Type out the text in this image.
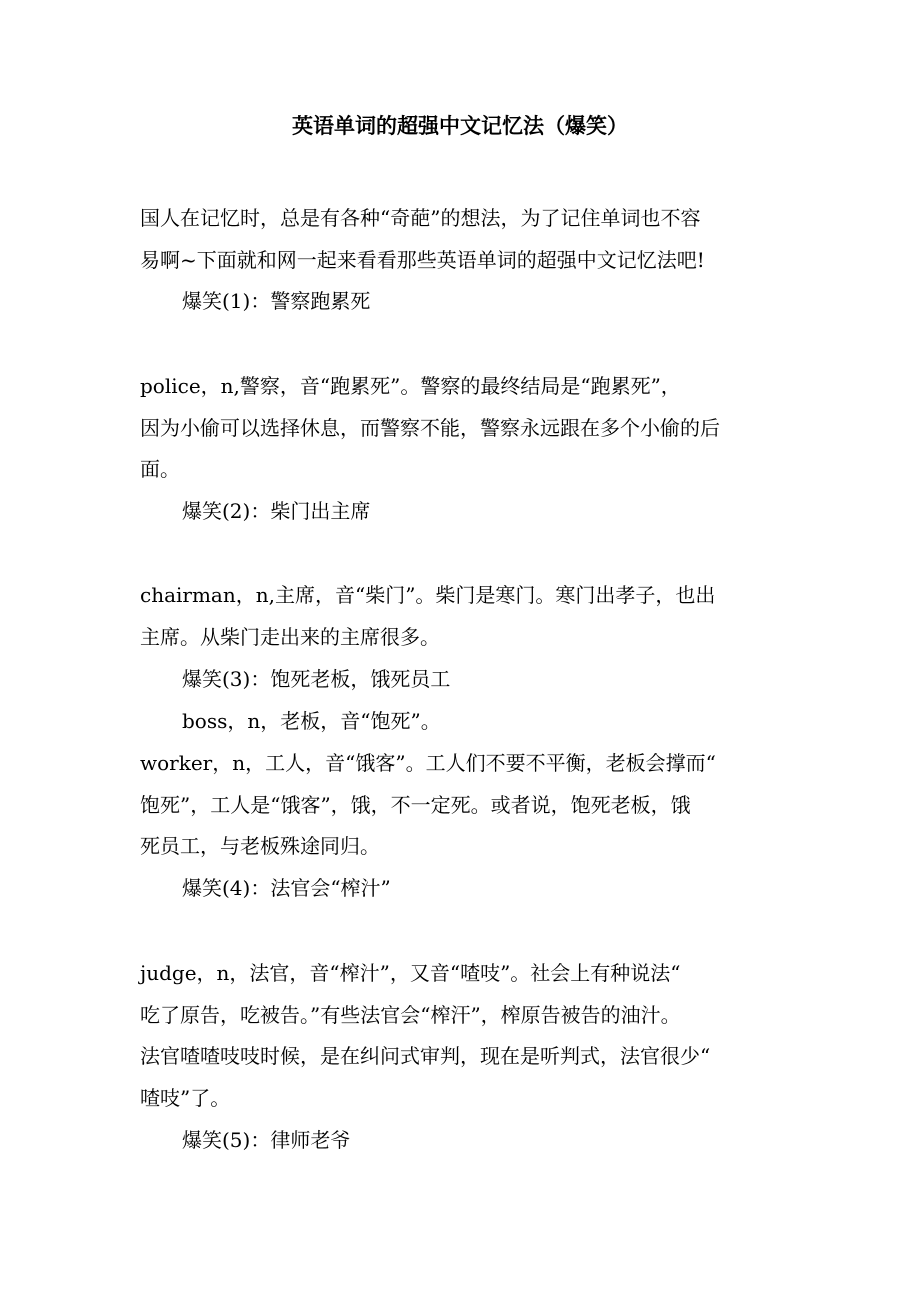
英语单词的超强中文记忆法（爆笑）
国人在记忆时，总是有各种“奇葩”的想法，为了记住单词也不容
易啊~下面就和网一起来看看那些英语单词的超强中文记忆法吧!
爆笑(1)：警察跑累死
police，n,警察，音“跑累死”。警察的最终结局是“跑累死”，
因为小偷可以选择休息，而警察不能，警察永远跟在多个小偷的后
面。
爆笑(2)：柴门出主席
chairman，n,主席，音“柴门”。柴门是寒门。寒门出孝子，也出
主席。从柴门走出来的主席很多。
爆笑(3)：饱死老板，饿死员工
boss，n，老板，音“饱死”。
worker，n，工人，音“饿客”。工人们不要不平衡，老板会撑而“
饱死”，工人是“饿客”，饿，不一定死。或者说，饱死老板，饿
死员工，与老板殊途同归。
爆笑(4)：法官会“榨汁”
judge，n，法官，音“榨汁”，又音“喳吱”。社会上有种说法“
吃了原告，吃被告。”有些法官会“榨汗”，榨原告被告的油汁。
法官喳喳吱吱时候，是在纠问式审判，现在是听判式，法官很少“
喳吱”了。
爆笑(5)：律师老爷
